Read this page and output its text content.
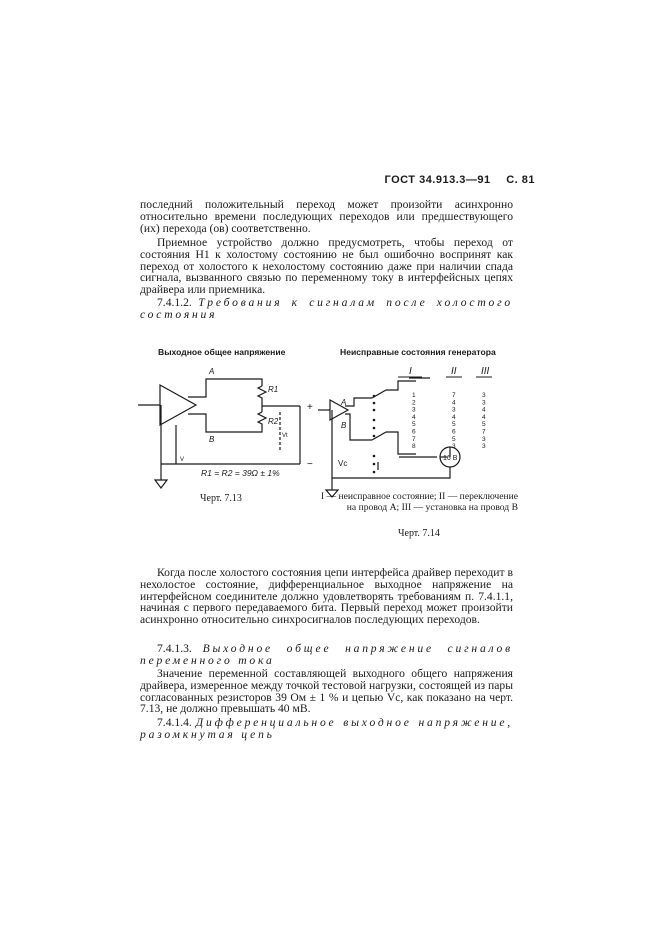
ГОСТ 34.913.3—91 С. 81

последний положительный переход может произойти асинхронно относительно времени последующих переходов или предшествующего (их) перехода (ов) соответственно.

Приемное устройство должно предусмотреть, чтобы переход от состояния Н1 к холостому состоянию не был ошибочно воспринят как переход от холостого к нехолостому состоянию даже при наличии спада сигнала, вызванного связью по переменному току в интерфейсных цепях драйвера или приемника.

7.4.1.2. Требования к сигналам после холостого состояния

Выходное общее напряжение	Неисправные состояния генератора
A
B
R1
R2
Vt
+
−
V
R1 = R2 = 39Ω ± 1%
A
B
Vc
I	II III
16 В
1
2
3
4
5
6
7
8
7
4
3
4
5
6
5
3
3
3
4
4
5
7
3
3
Черт. 7.13	I — неисправное состояние; II — переключение на провод A; III — установка на провод B
Черт. 7.14

Когда после холостого состояния цепи интерфейса драйвер переходит в нехолостое состояние, дифференциальное выходное напряжение на интерфейсном соединителе должно удовлетворять требованиям п. 7.4.1.1, начиная с первого передаваемого бита. Первый переход может произойти асинхронно относительно синхросигналов последующих переходов.

7.4.1.3. Выходное общее напряжение сигналов переменного тока

Значение переменной составляющей выходного общего напряжения драйвера, измеренное между точкой тестовой нагрузки, состоящей из пары согласованных резисторов 39 Ом ± 1 % и цепью Vc, как показано на черт. 7.13, не должно превышать 40 мВ.

7.4.1.4. Дифференциальное выходное напряжение, разомкнутая цепь
